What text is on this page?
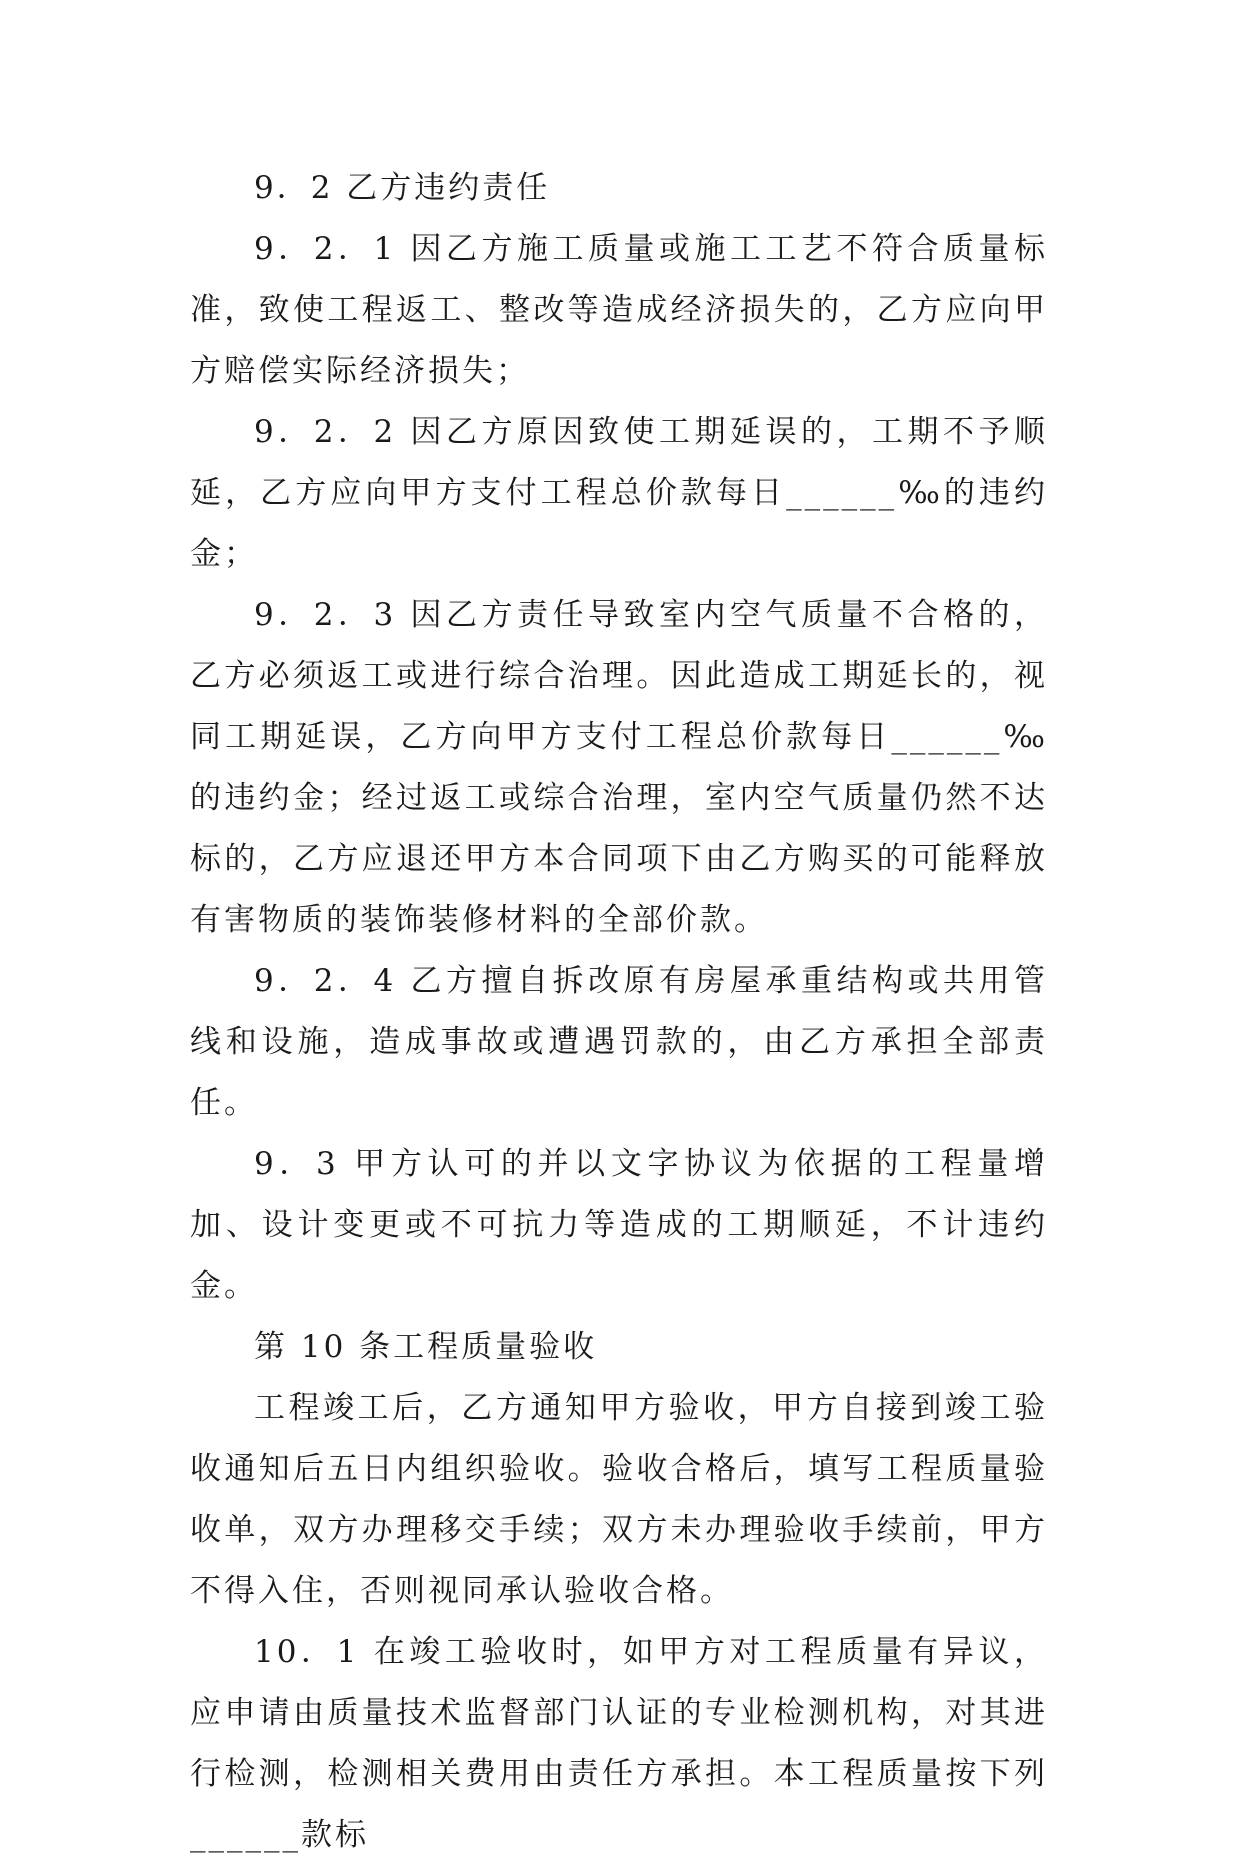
9．2 乙方违约责任

9．2．1 因乙方施工质量或施工工艺不符合质量标准，致使工程返工、整改等造成经济损失的，乙方应向甲方赔偿实际经济损失；

9．2．2 因乙方原因致使工期延误的，工期不予顺延，乙方应向甲方支付工程总价款每日______‰的违约金；

9．2．3 因乙方责任导致室内空气质量不合格的，乙方必须返工或进行综合治理。因此造成工期延长的，视同工期延误，乙方向甲方支付工程总价款每日______‰的违约金；经过返工或综合治理，室内空气质量仍然不达标的，乙方应退还甲方本合同项下由乙方购买的可能释放有害物质的装饰装修材料的全部价款。

9．2．4 乙方擅自拆改原有房屋承重结构或共用管线和设施，造成事故或遭遇罚款的，由乙方承担全部责任。

9．3 甲方认可的并以文字协议为依据的工程量增加、设计变更或不可抗力等造成的工期顺延，不计违约金。

第 10 条工程质量验收

工程竣工后，乙方通知甲方验收，甲方自接到竣工验收通知后五日内组织验收。验收合格后，填写工程质量验收单，双方办理移交手续；双方未办理验收手续前，甲方不得入住，否则视同承认验收合格。

10．1 在竣工验收时，如甲方对工程质量有异议，应申请由质量技术监督部门认证的专业检测机构，对其进行检测，检测相关费用由责任方承担。本工程质量按下列______款标
